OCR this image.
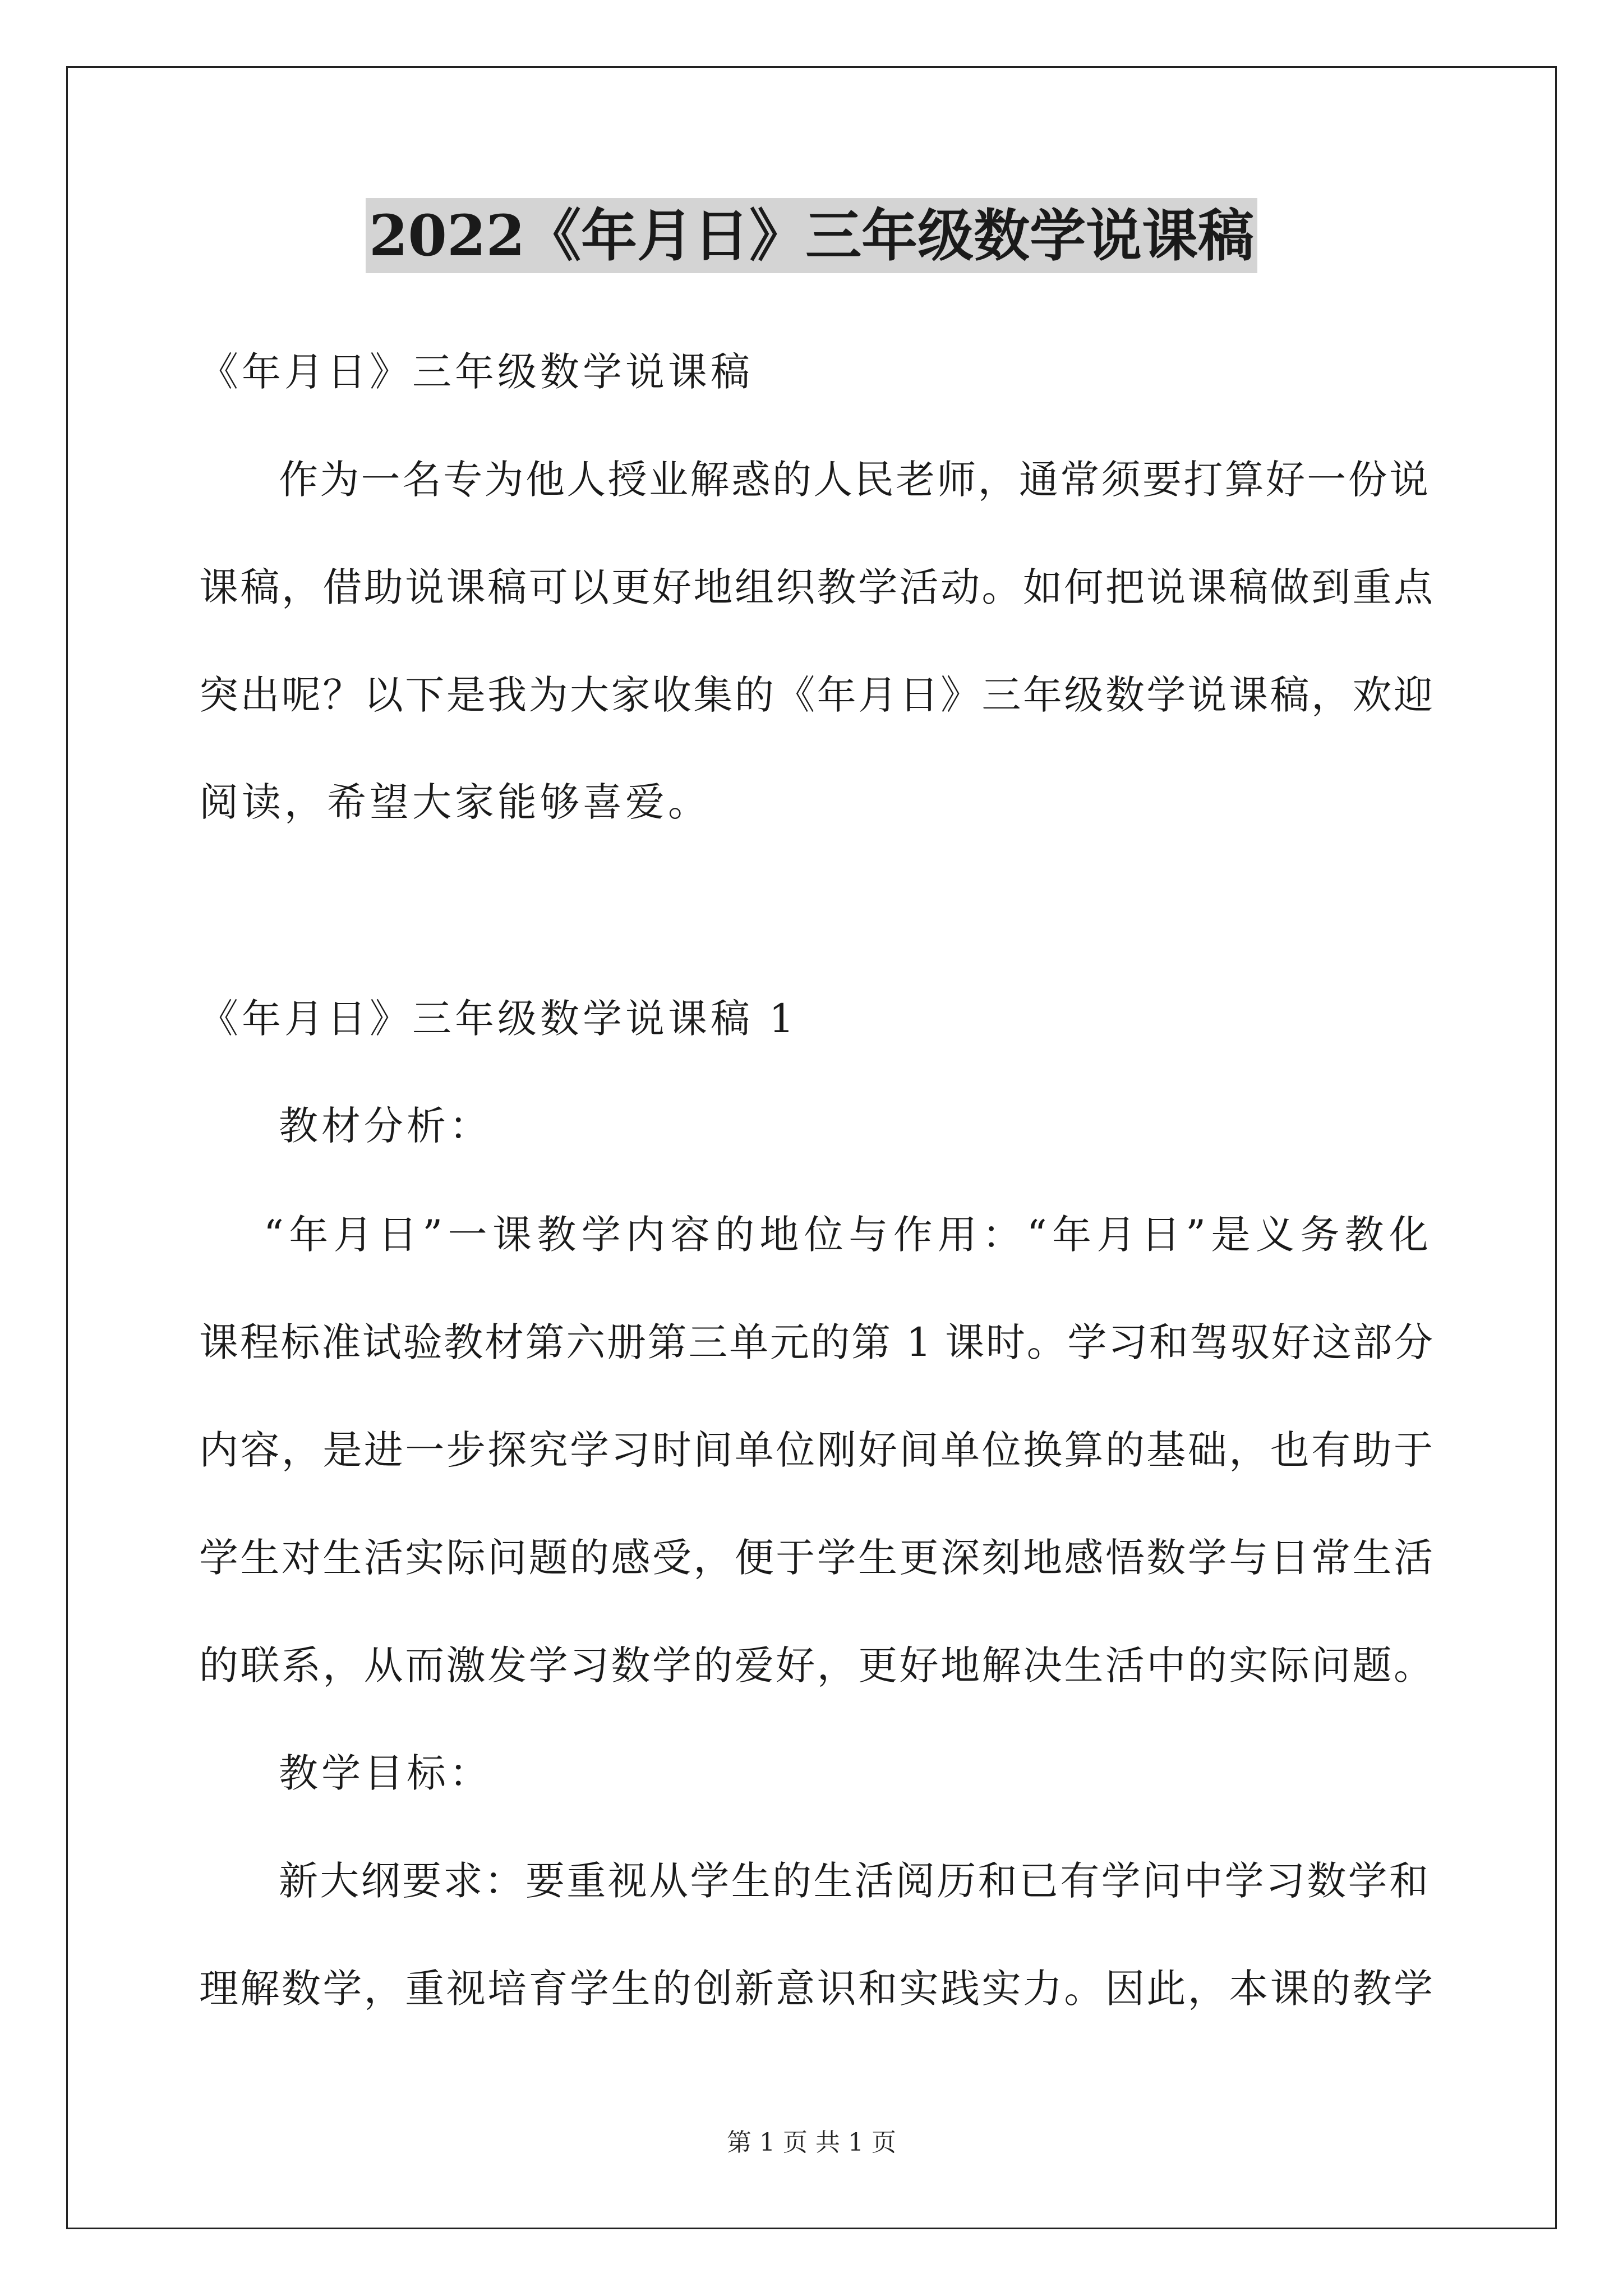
2022《年月日》三年级数学说课稿
《年月日》三年级数学说课稿
作为一名专为他人授业解惑的人民老师，通常须要打算好一份说
课稿，借助说课稿可以更好地组织教学活动。如何把说课稿做到重点
突出呢？以下是我为大家收集的《年月日》三年级数学说课稿，欢迎
阅读，希望大家能够喜爱。
《年月日》三年级数学说课稿 1
教材分析：
“年月日”一课教学内容的地位与作用：“年月日”是义务教化
课程标准试验教材第六册第三单元的第 1 课时。学习和驾驭好这部分
内容，是进一步探究学习时间单位刚好间单位换算的基础，也有助于
学生对生活实际问题的感受，便于学生更深刻地感悟数学与日常生活
的联系，从而激发学习数学的爱好，更好地解决生活中的实际问题。
教学目标：
新大纲要求：要重视从学生的生活阅历和已有学问中学习数学和
理解数学，重视培育学生的创新意识和实践实力。因此，本课的教学
第 1 页 共 1 页
